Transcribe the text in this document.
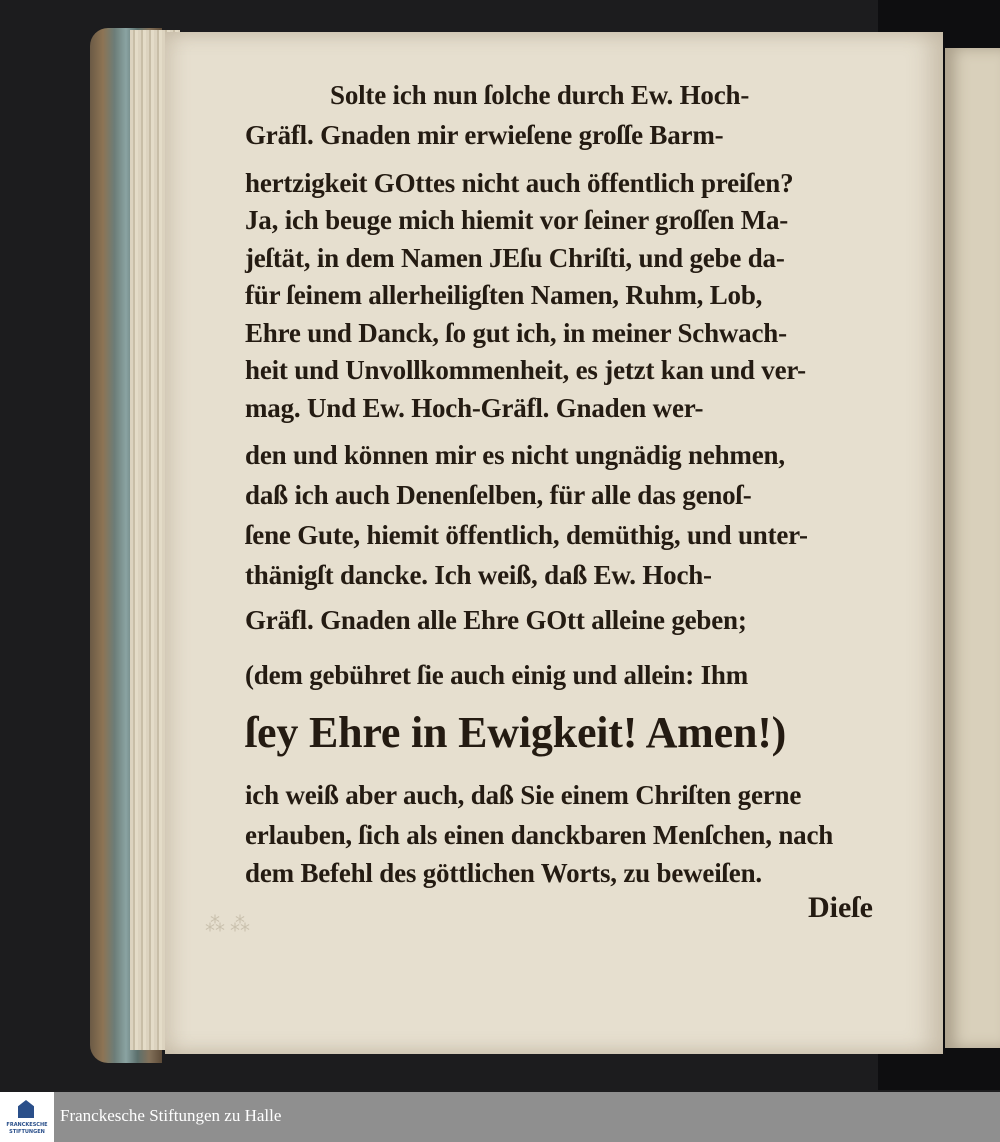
Solte ich nun ſolche durch Ew. Hoch-
Gräfl. Gnaden mir erwieſene groſſe Barm-
hertzigkeit GOttes nicht auch öffentlich preiſen?
Ja, ich beuge mich hiemit vor ſeiner groſſen Ma-
jeſtät, in dem Namen JEſu Chriſti, und gebe da-
für ſeinem allerheiligſten Namen, Ruhm, Lob,
Ehre und Danck, ſo gut ich, in meiner Schwach-
heit und Unvollkommenheit, es jetzt kan und ver-
mag. Und Ew. Hoch-Gräfl. Gnaden wer-
den und können mir es nicht ungnädig nehmen,
daß ich auch Denenſelben, für alle das genoſ-
ſene Gute, hiemit öffentlich, demüthig, und unter-
thänigſt dancke. Ich weiß, daß Ew. Hoch-
Gräfl. Gnaden alle Ehre GOtt alleine geben;
(dem gebühret ſie auch einig und allein: Ihm
ſey Ehre in Ewigkeit! Amen!)
ich weiß aber auch, daß Sie einem Chriſten gerne
erlauben, ſich als einen danckbaren Menſchen, nach
dem Befehl des göttlichen Worts, zu beweiſen.
Dieſe
⁂ ⁂
FRANCKESCHE STIFTUNGEN
Franckesche Stiftungen zu Halle
